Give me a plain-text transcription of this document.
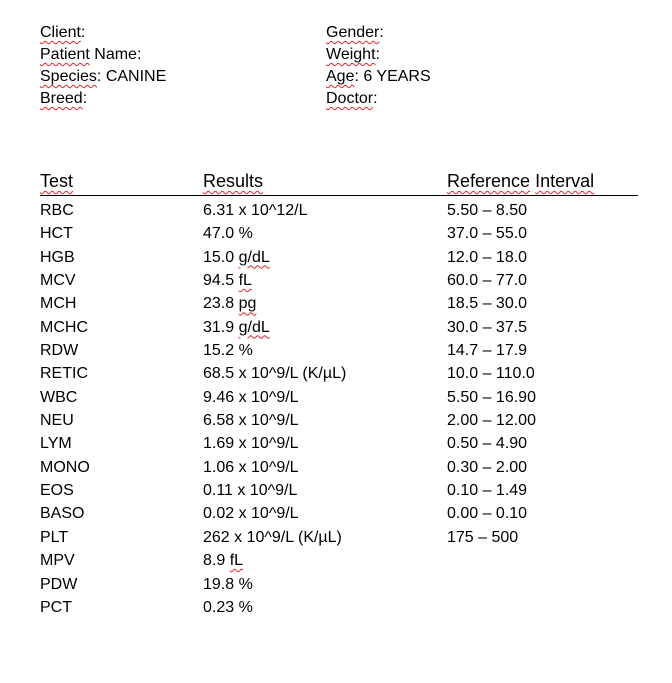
Client:
Patient Name:
Species: CANINE
Breed:
Gender:
Weight:
Age: 6 YEARS
Doctor:
Test	Results	Reference Interval
RBC	6.31 x 10^12/L	5.50 – 8.50
HCT	47.0 %	37.0 – 55.0
HGB	15.0 g/dL	12.0 – 18.0
MCV	94.5 fL	60.0 – 77.0
MCH	23.8 pg	18.5 – 30.0
MCHC	31.9 g/dL	30.0 – 37.5
RDW	15.2 %	14.7 – 17.9
RETIC	68.5 x 10^9/L (K/µL)	10.0 – 110.0
WBC	9.46 x 10^9/L	5.50 – 16.90
NEU	6.58 x 10^9/L	2.00 – 12.00
LYM	1.69 x 10^9/L	0.50 – 4.90
MONO	1.06 x 10^9/L	0.30 – 2.00
EOS	0.11 x 10^9/L	0.10 – 1.49
BASO	0.02 x 10^9/L	0.00 – 0.10
PLT	262 x 10^9/L (K/µL)	175 – 500
MPV	8.9 fL
PDW	19.8 %
PCT	0.23 %
